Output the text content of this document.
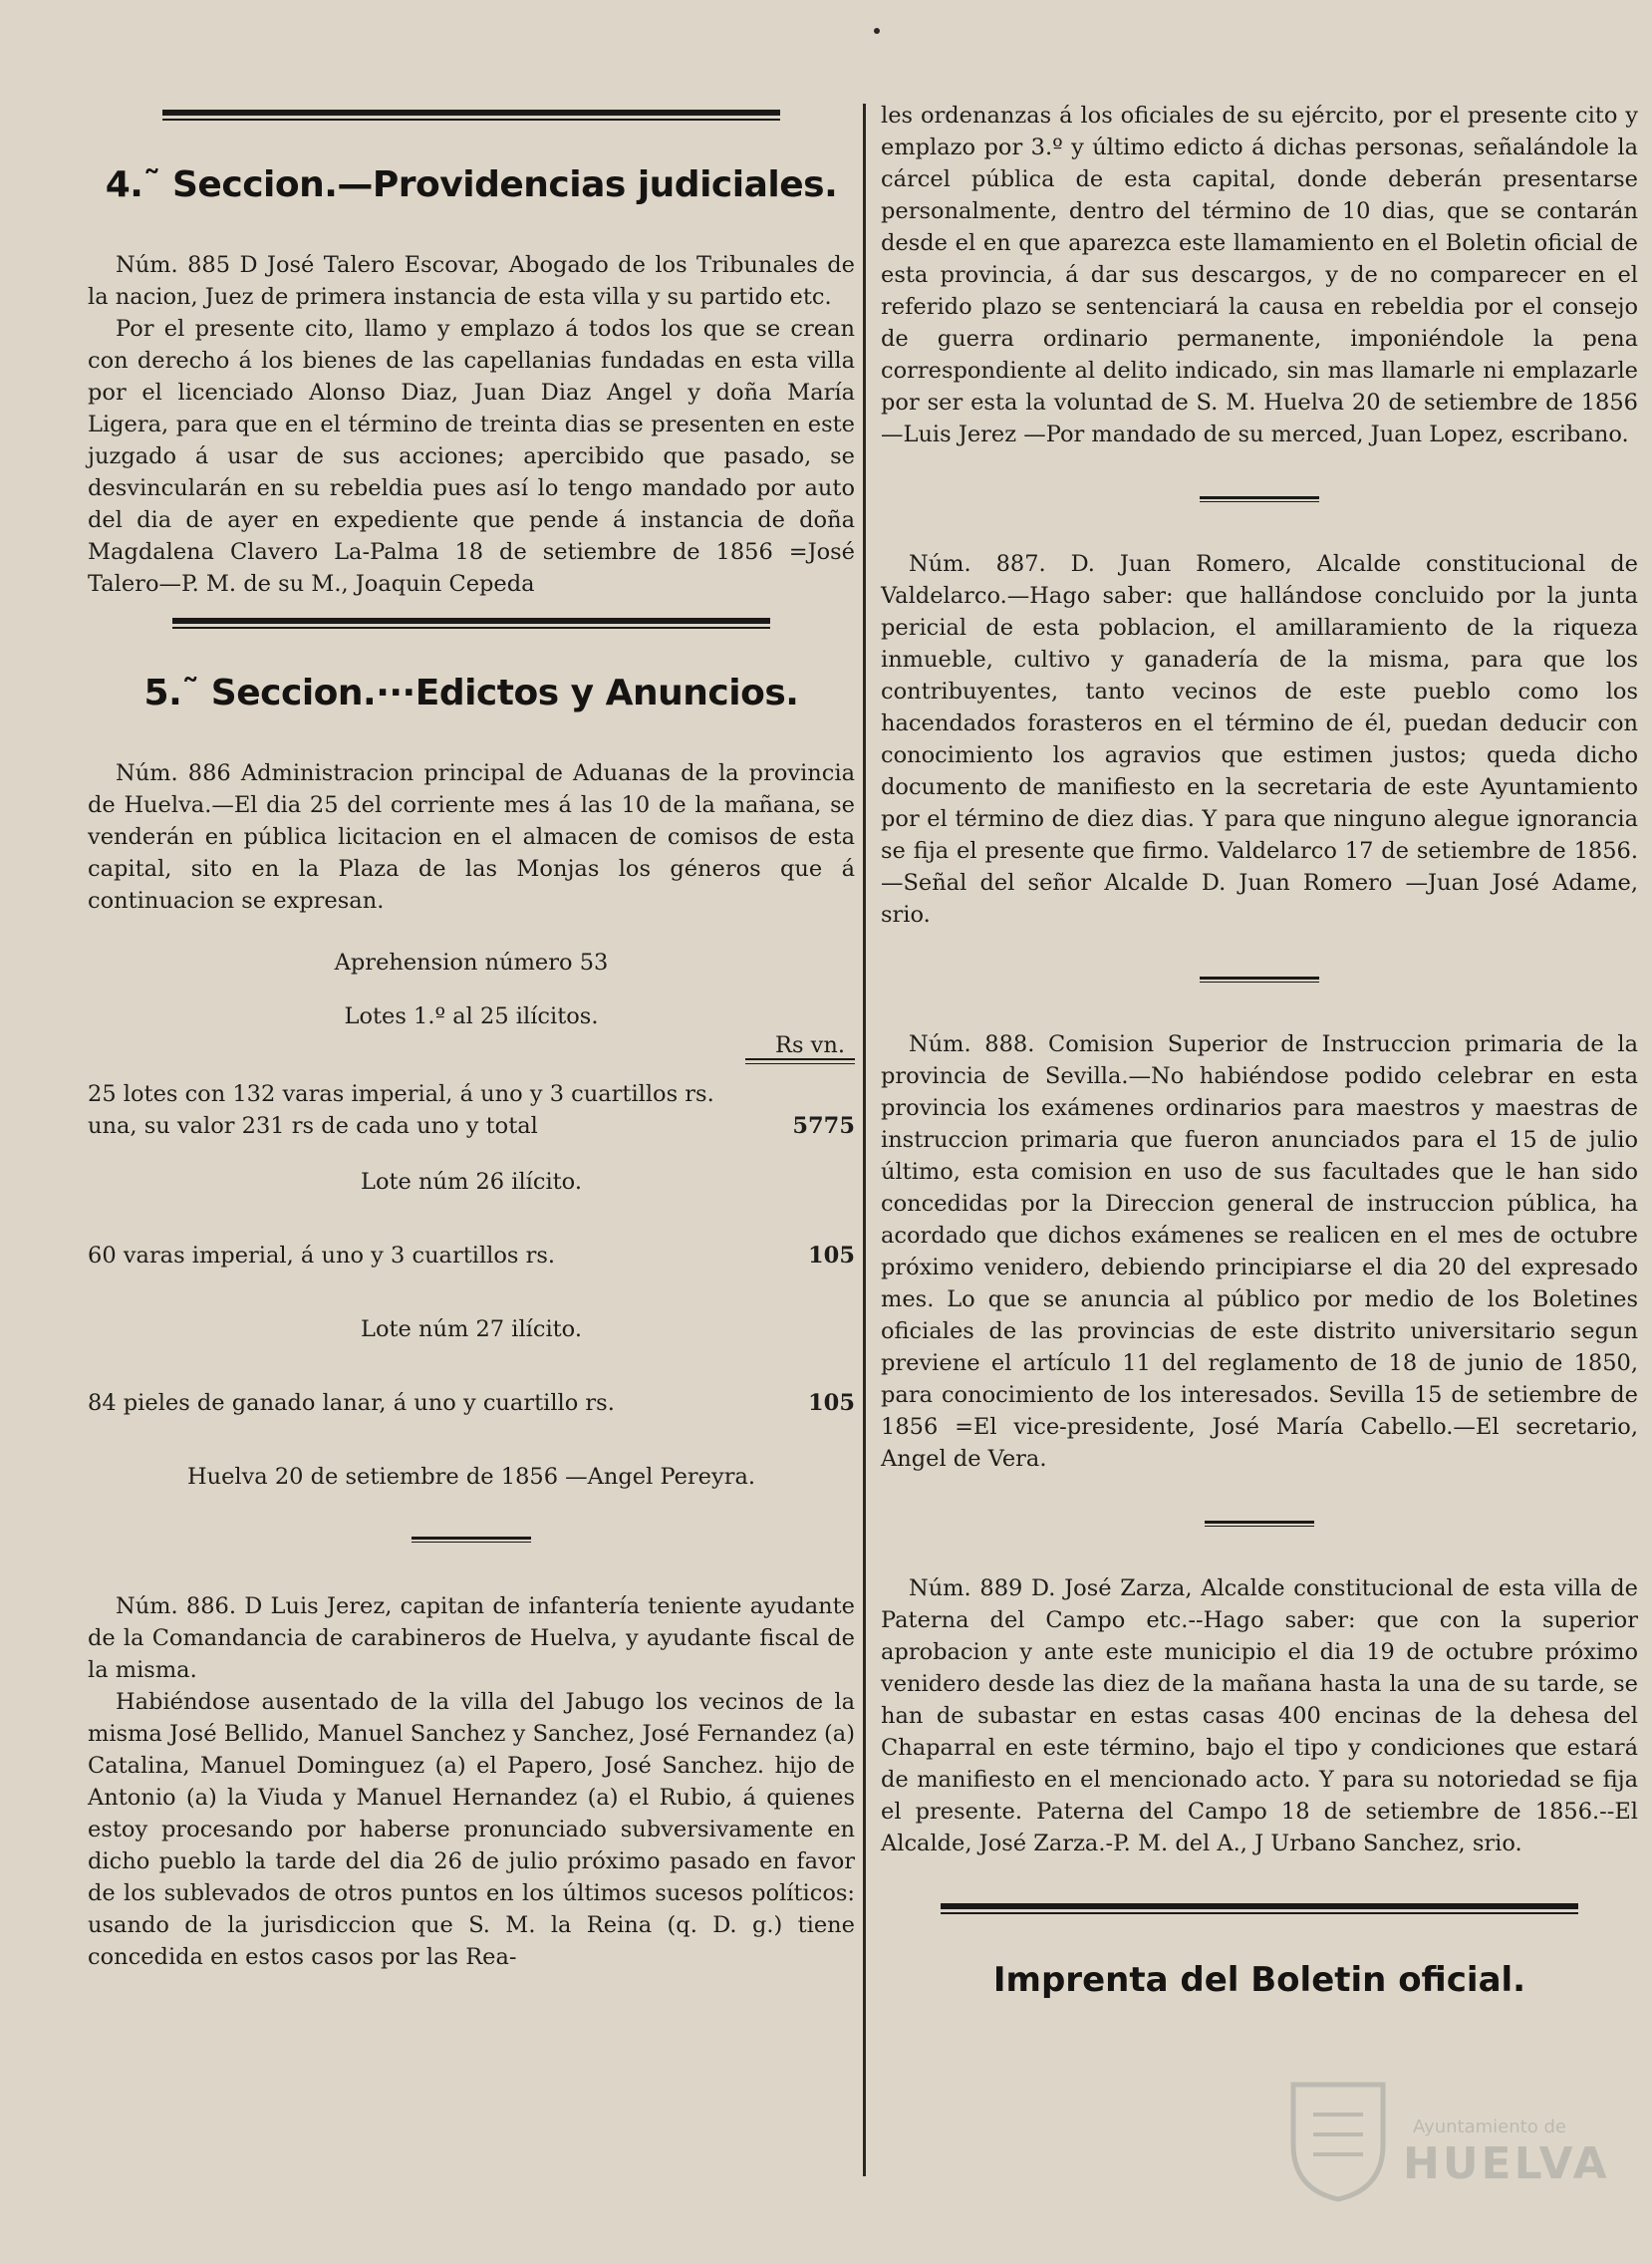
4.˜ Seccion.—Providencias judiciales.

Núm. 885 D José Talero Escovar, Abogado de los Tribunales de la nacion, Juez de primera instancia de esta villa y su partido etc.

Por el presente cito, llamo y emplazo á todos los que se crean con derecho á los bienes de las capellanias fundadas en esta villa por el licenciado Alonso Diaz, Juan Diaz Angel y doña María Ligera, para que en el término de treinta dias se presenten en este juzgado á usar de sus acciones; apercibido que pasado, se desvincularán en su rebeldia pues así lo tengo mandado por auto del dia de ayer en expediente que pende á instancia de doña Magdalena Clavero La-Palma 18 de setiembre de 1856 =José Talero—P. M. de su M., Joaquin Cepeda

5.˜ Seccion.···Edictos y Anuncios.

Núm. 886 Administracion principal de Aduanas de la provincia de Huelva.—El dia 25 del corriente mes á las 10 de la mañana, se venderán en pública licitacion en el almacen de comisos de esta capital, sito en la Plaza de las Monjas los géneros que á continuacion se expresan.

Aprehension número 53
Lotes 1.º al 25 ilícitos.
Rs vn.
25 lotes con 132 varas imperial, á uno y 3 cuartillos rs. una, su valor 231 rs de cada uno y total	5775
Lote núm 26 ilícito.
60 varas imperial, á uno y 3 cuartillos rs.	105
Lote núm 27 ilícito.
84 pieles de ganado lanar, á uno y cuartillo rs.	105
Huelva 20 de setiembre de 1856 —Angel Pereyra.

Núm. 886. D Luis Jerez, capitan de infantería teniente ayudante de la Comandancia de carabineros de Huelva, y ayudante fiscal de la misma.

Habiéndose ausentado de la villa del Jabugo los vecinos de la misma José Bellido, Manuel Sanchez y Sanchez, José Fernandez (a) Catalina, Manuel Dominguez (a) el Papero, José Sanchez. hijo de Antonio (a) la Viuda y Manuel Hernandez (a) el Rubio, á quienes estoy procesando por haberse pronunciado subversivamente en dicho pueblo la tarde del dia 26 de julio próximo pasado en favor de los sublevados de otros puntos en los últimos sucesos políticos: usando de la jurisdiccion que S. M. la Reina (q. D. g.) tiene concedida en estos casos por las Rea-

les ordenanzas á los oficiales de su ejército, por el presente cito y emplazo por 3.º y último edicto á dichas personas, señalándole la cárcel pública de esta capital, donde deberán presentarse personalmente, dentro del término de 10 dias, que se contarán desde el en que aparezca este llamamiento en el Boletin oficial de esta provincia, á dar sus descargos, y de no comparecer en el referido plazo se sentenciará la causa en rebeldia por el consejo de guerra ordinario permanente, imponiéndole la pena correspondiente al delito indicado, sin mas llamarle ni emplazarle por ser esta la voluntad de S. M. Huelva 20 de setiembre de 1856 —Luis Jerez —Por mandado de su merced, Juan Lopez, escribano.

Núm. 887. D. Juan Romero, Alcalde constitucional de Valdelarco.—Hago saber: que hallándose concluido por la junta pericial de esta poblacion, el amillaramiento de la riqueza inmueble, cultivo y ganadería de la misma, para que los contribuyentes, tanto vecinos de este pueblo como los hacendados forasteros en el término de él, puedan deducir con conocimiento los agravios que estimen justos; queda dicho documento de manifiesto en la secretaria de este Ayuntamiento por el término de diez dias. Y para que ninguno alegue ignorancia se fija el presente que firmo. Valdelarco 17 de setiembre de 1856.—Señal del señor Alcalde D. Juan Romero —Juan José Adame, srio.

Núm. 888. Comision Superior de Instruccion primaria de la provincia de Sevilla.—No habiéndose podido celebrar en esta provincia los exámenes ordinarios para maestros y maestras de instruccion primaria que fueron anunciados para el 15 de julio último, esta comision en uso de sus facultades que le han sido concedidas por la Direccion general de instruccion pública, ha acordado que dichos exámenes se realicen en el mes de octubre próximo venidero, debiendo principiarse el dia 20 del expresado mes. Lo que se anuncia al público por medio de los Boletines oficiales de las provincias de este distrito universitario segun previene el artículo 11 del reglamento de 18 de junio de 1850, para conocimiento de los interesados. Sevilla 15 de setiembre de 1856 =El vice-presidente, José María Cabello.—El secretario, Angel de Vera.

Núm. 889 D. José Zarza, Alcalde constitucional de esta villa de Paterna del Campo etc.--Hago saber: que con la superior aprobacion y ante este municipio el dia 19 de octubre próximo venidero desde las diez de la mañana hasta la una de su tarde, se han de subastar en estas casas 400 encinas de la dehesa del Chaparral en este término, bajo el tipo y condiciones que estará de manifiesto en el mencionado acto. Y para su notoriedad se fija el presente. Paterna del Campo 18 de setiembre de 1856.--El Alcalde, José Zarza.-P. M. del A., J Urbano Sanchez, srio.

Imprenta del Boletin oficial.
Ayuntamiento de
HUELVA
